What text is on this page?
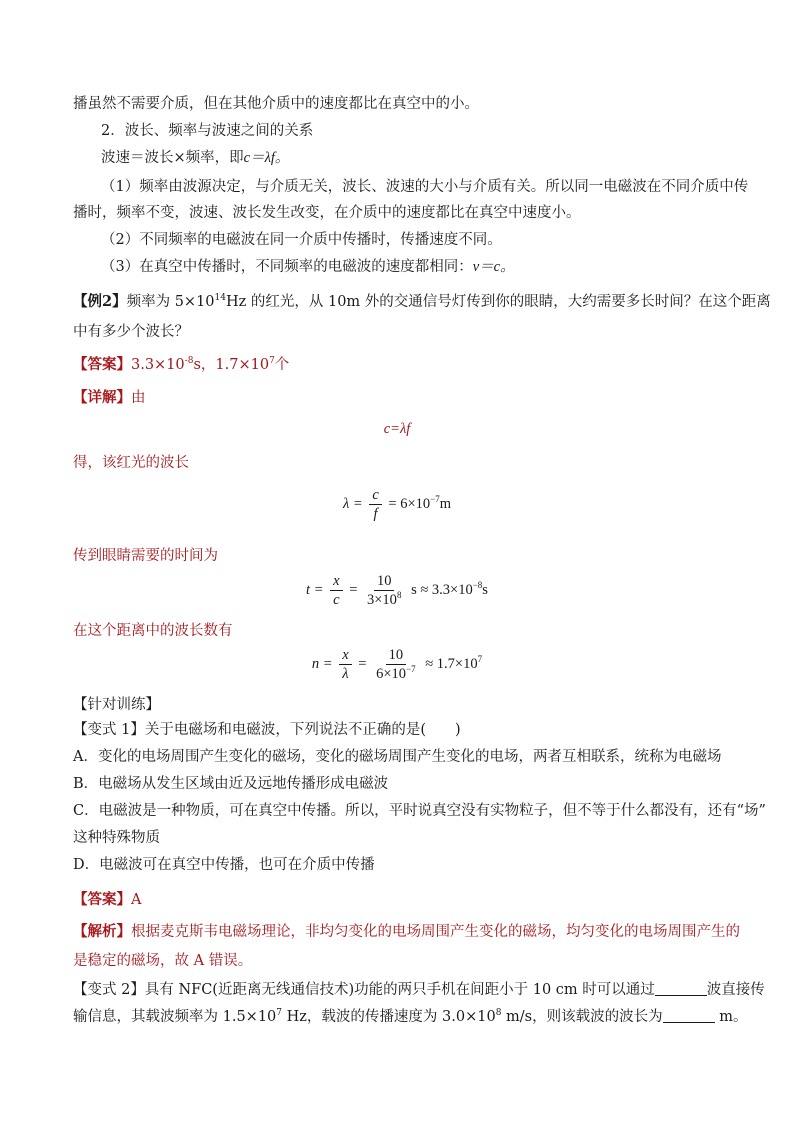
播虽然不需要介质，但在其他介质中的速度都比在真空中的小。
2．波长、频率与波速之间的关系
波速＝波长×频率，即c＝λf。
（1）频率由波源决定，与介质无关，波长、波速的大小与介质有关。所以同一电磁波在不同介质中传
播时，频率不变，波速、波长发生改变，在介质中的速度都比在真空中速度小。
（2）不同频率的电磁波在同一介质中传播时，传播速度不同。
（3）在真空中传播时，不同频率的电磁波的速度都相同：v＝c。
【例2】频率为 $5\times 10^{14}Hz$ 的红光，从 10m 外的交通信号灯传到你的眼睛，大约需要多长时间？在这个距离
中有多少个波长？
【答案】$3.3\times 10^{-8}s$，$1.7\times 10^7$个
【详解】由
c=λf
得，该红光的波长
$\lambda = \frac{c}{f} = 6\times 10^{-7}m$
传到眼睛需要的时间为
$t = \frac{x}{c} = \frac{10}{3\times 10^8}$ $s \approx 3.3\times 10^{-8}s$
在这个距离中的波长数有
$n = \frac{x}{\lambda} = \frac{10}{6\times 10^{-7}} \approx 1.7\times 10^7$
【针对训练】
【变式 1】关于电磁场和电磁波，下列说法不正确的是(　　)
A．变化的电场周围产生变化的磁场，变化的磁场周围产生变化的电场，两者互相联系，统称为电磁场
B．电磁场从发生区域由近及远地传播形成电磁波
C．电磁波是一种物质，可在真空中传播。所以，平时说真空没有实物粒子，但不等于什么都没有，还有“场”
这种特殊物质
D．电磁波可在真空中传播，也可在介质中传播
【答案】A
【解析】根据麦克斯韦电磁场理论，非均匀变化的电场周围产生变化的磁场，均匀变化的电场周围产生的
是稳定的磁场，故 A 错误。
【变式 2】具有 NFC(近距离无线通信技术)功能的两只手机在间距小于 10 cm 时可以通过	波直接传
输信息，其载波频率为 $1.5\times 10^7$ Hz，载波的传播速度为 $3.0\times 10^8$ m/s，则该载波的波长为	m。
